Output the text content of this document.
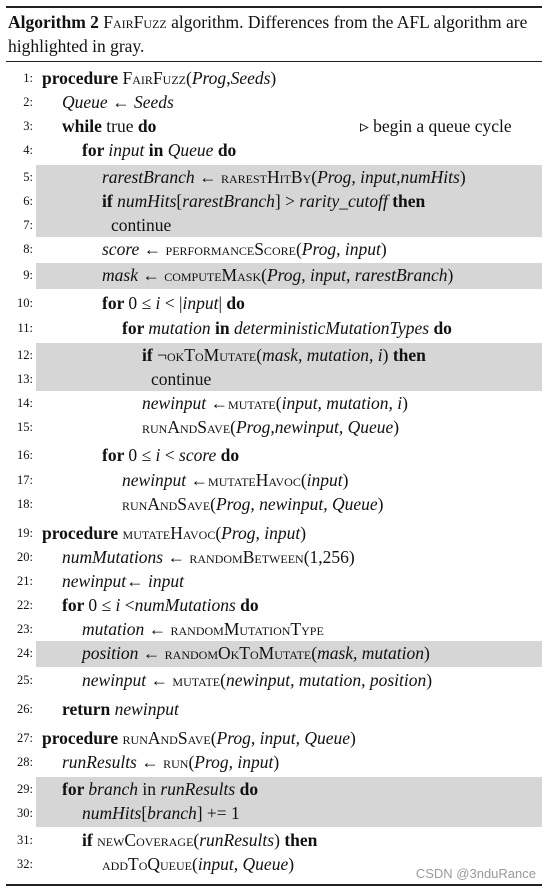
Algorithm 2 FairFuzz algorithm. Differences from the AFL algorithm are highlighted in gray.
1: procedure FairFuzz(Prog,Seeds)
2: Queue ← Seeds
3: while true do	▹ begin a queue cycle
4:	for input in Queue do
5:	rarestBranch ← rarestHitBy(Prog, input,numHits)
6:	if numHits[rarestBranch] > rarity_cutoff then
7:	continue
8:	score ← performanceScore(Prog, input)
9:	mask ← computeMask(Prog, input, rarestBranch)
10:	for 0 ≤ i < |input| do
11:	for mutation in deterministicMutationTypes do
12:	if ¬okToMutate(mask, mutation, i) then
13:	continue
14:	newinput ←mutate(input, mutation, i)
15:	runAndSave(Prog,newinput, Queue)
16:	for 0 ≤ i < score do
17:	newinput ←mutateHavoc(input)
18:	runAndSave(Prog, newinput, Queue)
19: procedure mutateHavoc(Prog, input)
20: numMutations ← randomBetween(1,256)
21: newinput← input
22: for 0 ≤ i <numMutations do
23:	mutation ← randomMutationType
24:	position ← randomOkToMutate(mask, mutation)
25:	newinput ← mutate(newinput, mutation, position)
26: return newinput
27: procedure runAndSave(Prog, input, Queue)
28: runResults ← run(Prog, input)
29: for branch in runResults do
30:	numHits[branch] += 1
31:	if newCoverage(runResults) then
32:	addToQueue(input, Queue)	CSDN @3nduRance
